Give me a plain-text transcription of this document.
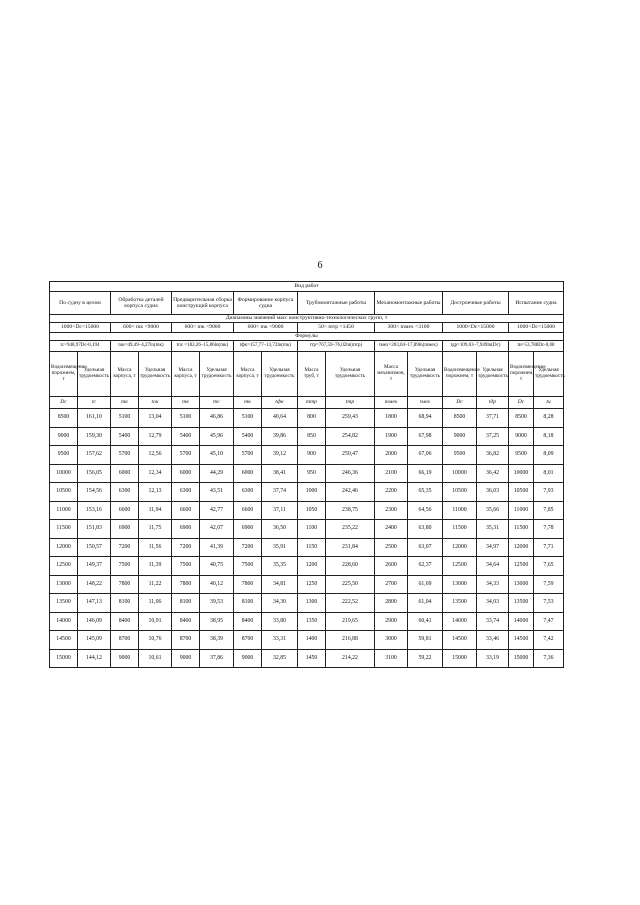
6
Вид работ															
По судну в целом		Обработка деталей корпуса судна		Предварительная сборка конструкций корпуса		Формирование корпуса судна		Трубомонтажные работы		Механомонтажные работы		Достроечные работы		Испытание судна	
Диапазоны значений масс конструктивно-технологических групп, т															
1000<Dс<15000		600< mк <9000		600< mк <9000		600< mк <9000		50< mтр <1450		300< mмех <3100		1000<Dс<15000		1000<Dс<15000	
Формулы															
tс=948,97Dс-0,194		tок=49,49–4,27ln(mк)		tпс =182,26–15,86ln(mк)		tфк=157,77–13,72ln(mк)		tтр=767,59–76,02ln(mтр)		tмех=203,04–17,89ln(mмех)		tдр=109,63–7,949ln(Dс)		tи=53,788Dс-0,08	
Водоизмещение порожнем, т	Удельная трудоемкость	Масса корпуса, т	Удельная трудоемкость	Масса корпуса, т	Удельная трудоемкость	Масса корпуса, т	Удельная трудоемкость	Масса труб, т	Удельная трудоемкость	Масса механизмов, т	Удельная трудоемкость	Водоизмещение порожнем, т	Удельная трудоемкость	Водоизмещение порожнем, т	Удельная трудоемкость
Dс	tс	mк	tок	mк	tпс	mк	tфк	mтр	tтр	mмех	tмех	Dс	tдр	Dс	tи
8500	161,10	5100	13,04	5100	46,86	5100	40,64	800	259,43	1800	68,94	8500	37,71	8500	8,28
9000	159,30	5400	12,79	5400	45,96	5400	39,86	850	254,82	1900	67,98	9000	37,25	9000	8,18
9500	157,62	5700	12,56	5700	45,10	5700	39,12	900	250,47	2000	67,06	9500	36,82	9500	8,09
10000	156,05	6000	12,34	6000	44,29	6000	38,41	950	246,36	2100	66,19	10000	36,42	10000	8,01
10500	154,56	6300	12,13	6300	43,51	6300	37,74	1000	242,46	2200	65,35	10500	36,03	10500	7,93
11000	153,16	6600	11,94	6600	42,77	6600	37,11	1050	238,75	2300	64,56	11000	35,66	11000	7,85
11500	151,83	6900	11,75	6900	42,07	6900	36,50	1100	235,22	2400	63,80	11500	35,31	11500	7,78
12000	150,57	7200	11,56	7200	41,39	7200	35,91	1150	231,84	2500	63,07	12000	34,97	12000	7,71
12500	149,37	7500	11,39	7500	40,75	7500	35,35	1200	228,60	2600	62,37	12500	34,64	12500	7,65
13000	148,22	7800	11,22	7800	40,12	7800	34,81	1250	225,50	2700	61,69	13000	34,33	13000	7,59
13500	147,13	8100	11,06	8100	39,53	8100	34,30	1300	222,52	2800	61,04	13500	34,03	13500	7,53
14000	146,09	8400	10,91	8400	38,95	8400	33,80	1350	219,65	2900	60,41	14000	33,74	14000	7,47
14500	145,09	8700	10,76	8700	38,39	8700	33,31	1400	216,88	3000	59,81	14500	33,46	14500	7,42
15000	144,12	9000	10,61	9000	37,86	9000	32,85	1450	214,22	3100	59,22	15000	33,19	15000	7,36
